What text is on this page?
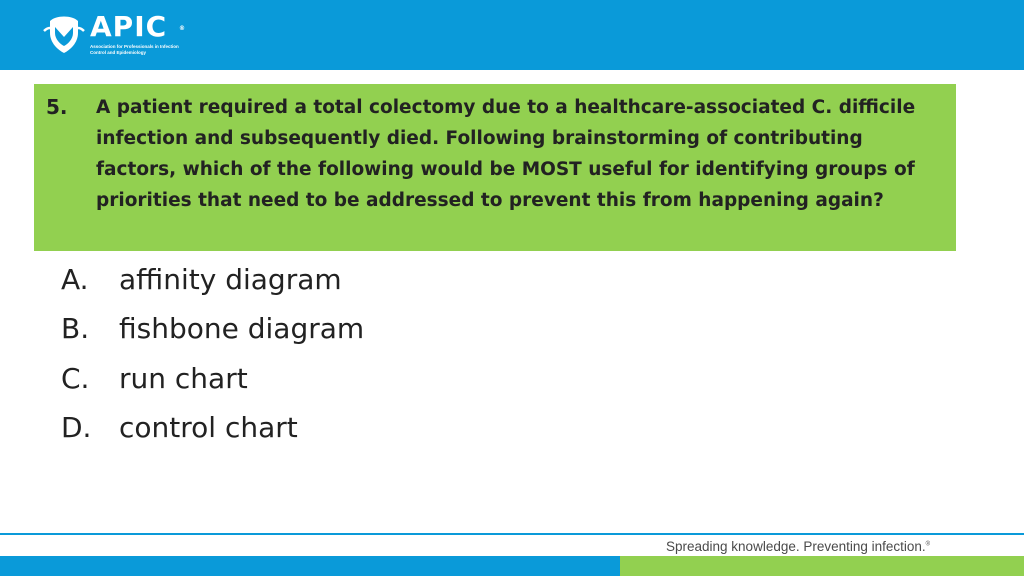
APIC ®
Association for Professionals in Infection Control and Epidemiology
5. A patient required a total colectomy due to a healthcare-associated C. difficile infection and subsequently died. Following brainstorming of contributing factors, which of the following would be MOST useful for identifying groups of priorities that need to be addressed to prevent this from happening again?
A.	affinity diagram
B.	fishbone diagram
C.	run chart
D. control chart
Spreading knowledge. Preventing infection.®
